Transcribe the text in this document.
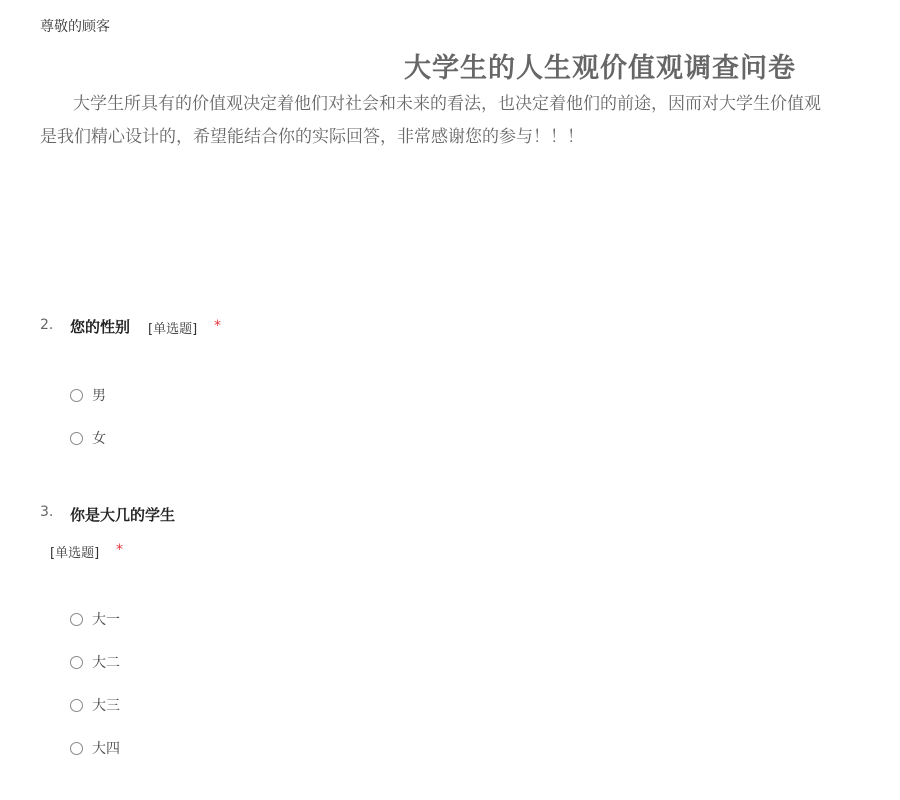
尊敬的顾客
大学生的人生观价值观调查问卷
大学生所具有的价值观决定着他们对社会和未来的看法，也决定着他们的前途，因而对大学生价值观
是我们精心设计的，希望能结合你的实际回答，非常感谢您的参与！！！
2. 您的性别 [单选题] *
男
女
3. 你是大几的学生
[单选题] *
大一
大二
大三
大四
